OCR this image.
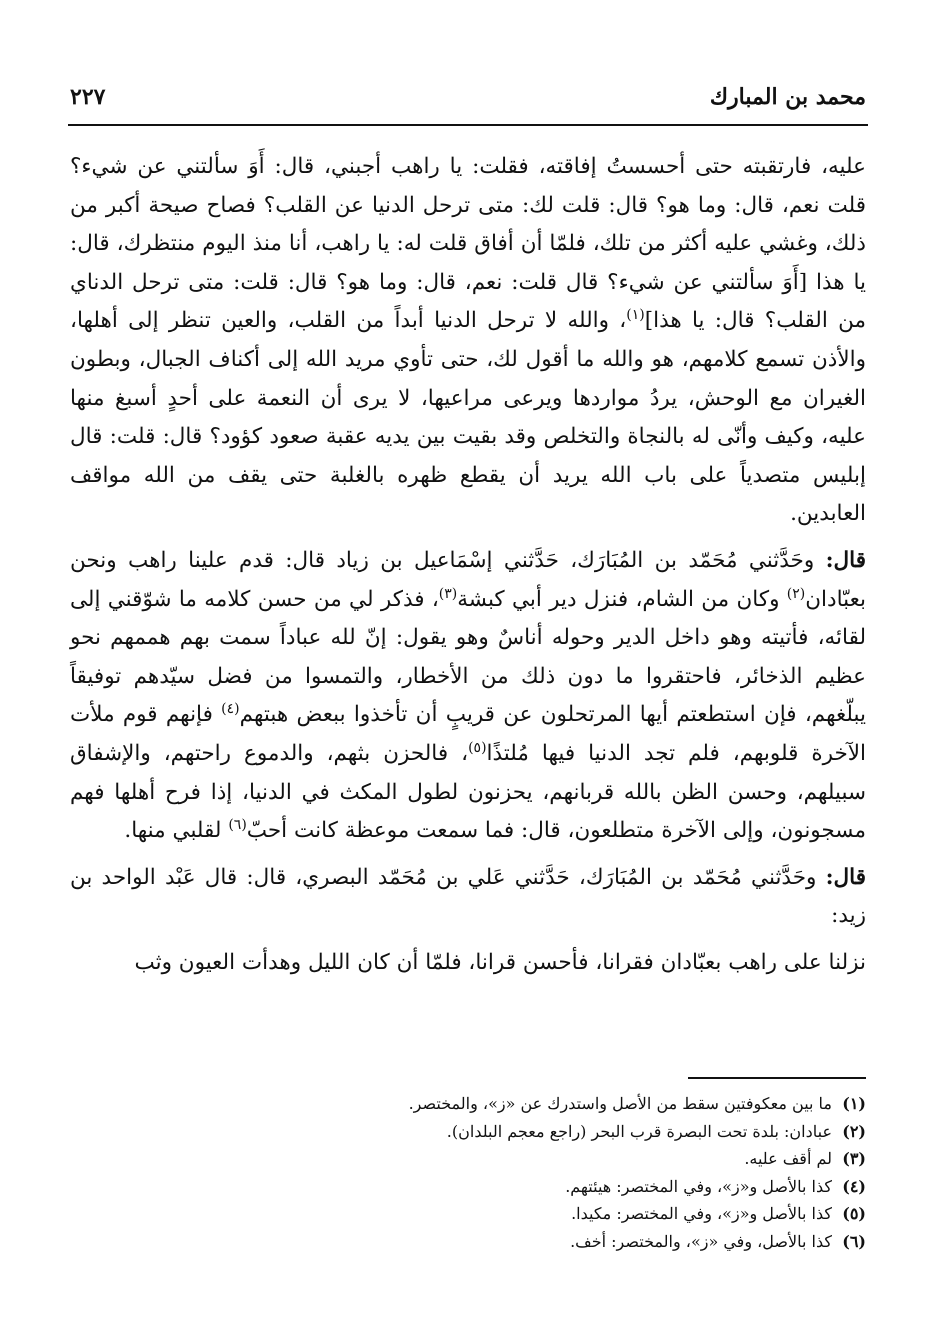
محمد بن المبارك
٢٢٧

عليه، فارتقبته حتى أحسستُ إفاقته، فقلت: يا راهب أجبني، قال: أَوَ سألتني عن شيء؟ قلت نعم، قال: وما هو؟ قال: قلت لك: متى ترحل الدنيا عن القلب؟ فصاح صيحة أكبر من ذلك، وغشي عليه أكثر من تلك، فلمّا أن أفاق قلت له: يا راهب، أنا منذ اليوم منتظرك، قال: يا هذا [أَوَ سألتني عن شيء؟ قال قلت: نعم، قال: وما هو؟ قال: قلت: متى ترحل الدناي من القلب؟ قال: يا هذا]$^{(١)}$، والله لا ترحل الدنيا أبداً من القلب، والعين تنظر إلى أهلها، والأذن تسمع كلامهم، هو والله ما أقول لك، حتى تأوي مريد الله إلى أكناف الجبال، وبطون الغيران مع الوحش، يردُ مواردها ويرعى مراعيها، لا يرى أن النعمة على أحدٍ أسبغ منها عليه، وكيف وأنّى له بالنجاة والتخلص وقد بقيت بين يديه عقبة صعود كؤود؟ قال: قلت: قال إبليس متصدياً على باب الله يريد أن يقطع ظهره بالغلبة حتى يقف من الله مواقف العابدين.

قال: وحَدَّثني مُحَمّد بن المُبَارَك، حَدَّثني إسْمَاعيل بن زياد قال: قدم علينا راهب ونحن بعبّادان$^{(٢)}$ وكان من الشام، فنزل دير أبي كبشة$^{(٣)}$، فذكر لي من حسن كلامه ما شوّقني إلى لقائه، فأتيته وهو داخل الدير وحوله أناسٌ وهو يقول: إنّ لله عباداً سمت بهم هممهم نحو عظيم الذخائر، فاحتقروا ما دون ذلك من الأخطار، والتمسوا من فضل سيّدهم توفيقاً يبلّغهم، فإن استطعتم أيها المرتحلون عن قريبٍ أن تأخذوا ببعض هبتهم$^{(٤)}$ فإنهم قوم ملأت الآخرة قلوبهم، فلم تجد الدنيا فيها مُلتذًا$^{(٥)}$، فالحزن بثهم، والدموع راحتهم، والإشفاق سبيلهم، وحسن الظن بالله قربانهم، يحزنون لطول المكث في الدنيا، إذا فرح أهلها فهم مسجونون، وإلى الآخرة متطلعون، قال: فما سمعت موعظة كانت أحبّ$^{(٦)}$ لقلبي منها.

قال: وحَدَّثني مُحَمّد بن المُبَارَك، حَدَّثني عَلي بن مُحَمّد البصري، قال: قال عَبْد الواحد بن زيد:

نزلنا على راهب بعبّادان فقرانا، فأحسن قرانا، فلمّا أن كان الليل وهدأت العيون وثب

(١)ما بين معكوفتين سقط من الأصل واستدرك عن «ز»، والمختصر.
(٢)عبادان: بلدة تحت البصرة قرب البحر (راجع معجم البلدان).
(٣)لم أقف عليه.
(٤)كذا بالأصل و«ز»، وفي المختصر: هيئتهم.
(٥)كذا بالأصل و«ز»، وفي المختصر: مكيدا.
(٦)كذا بالأصل، وفي «ز»، والمختصر: أخف.
